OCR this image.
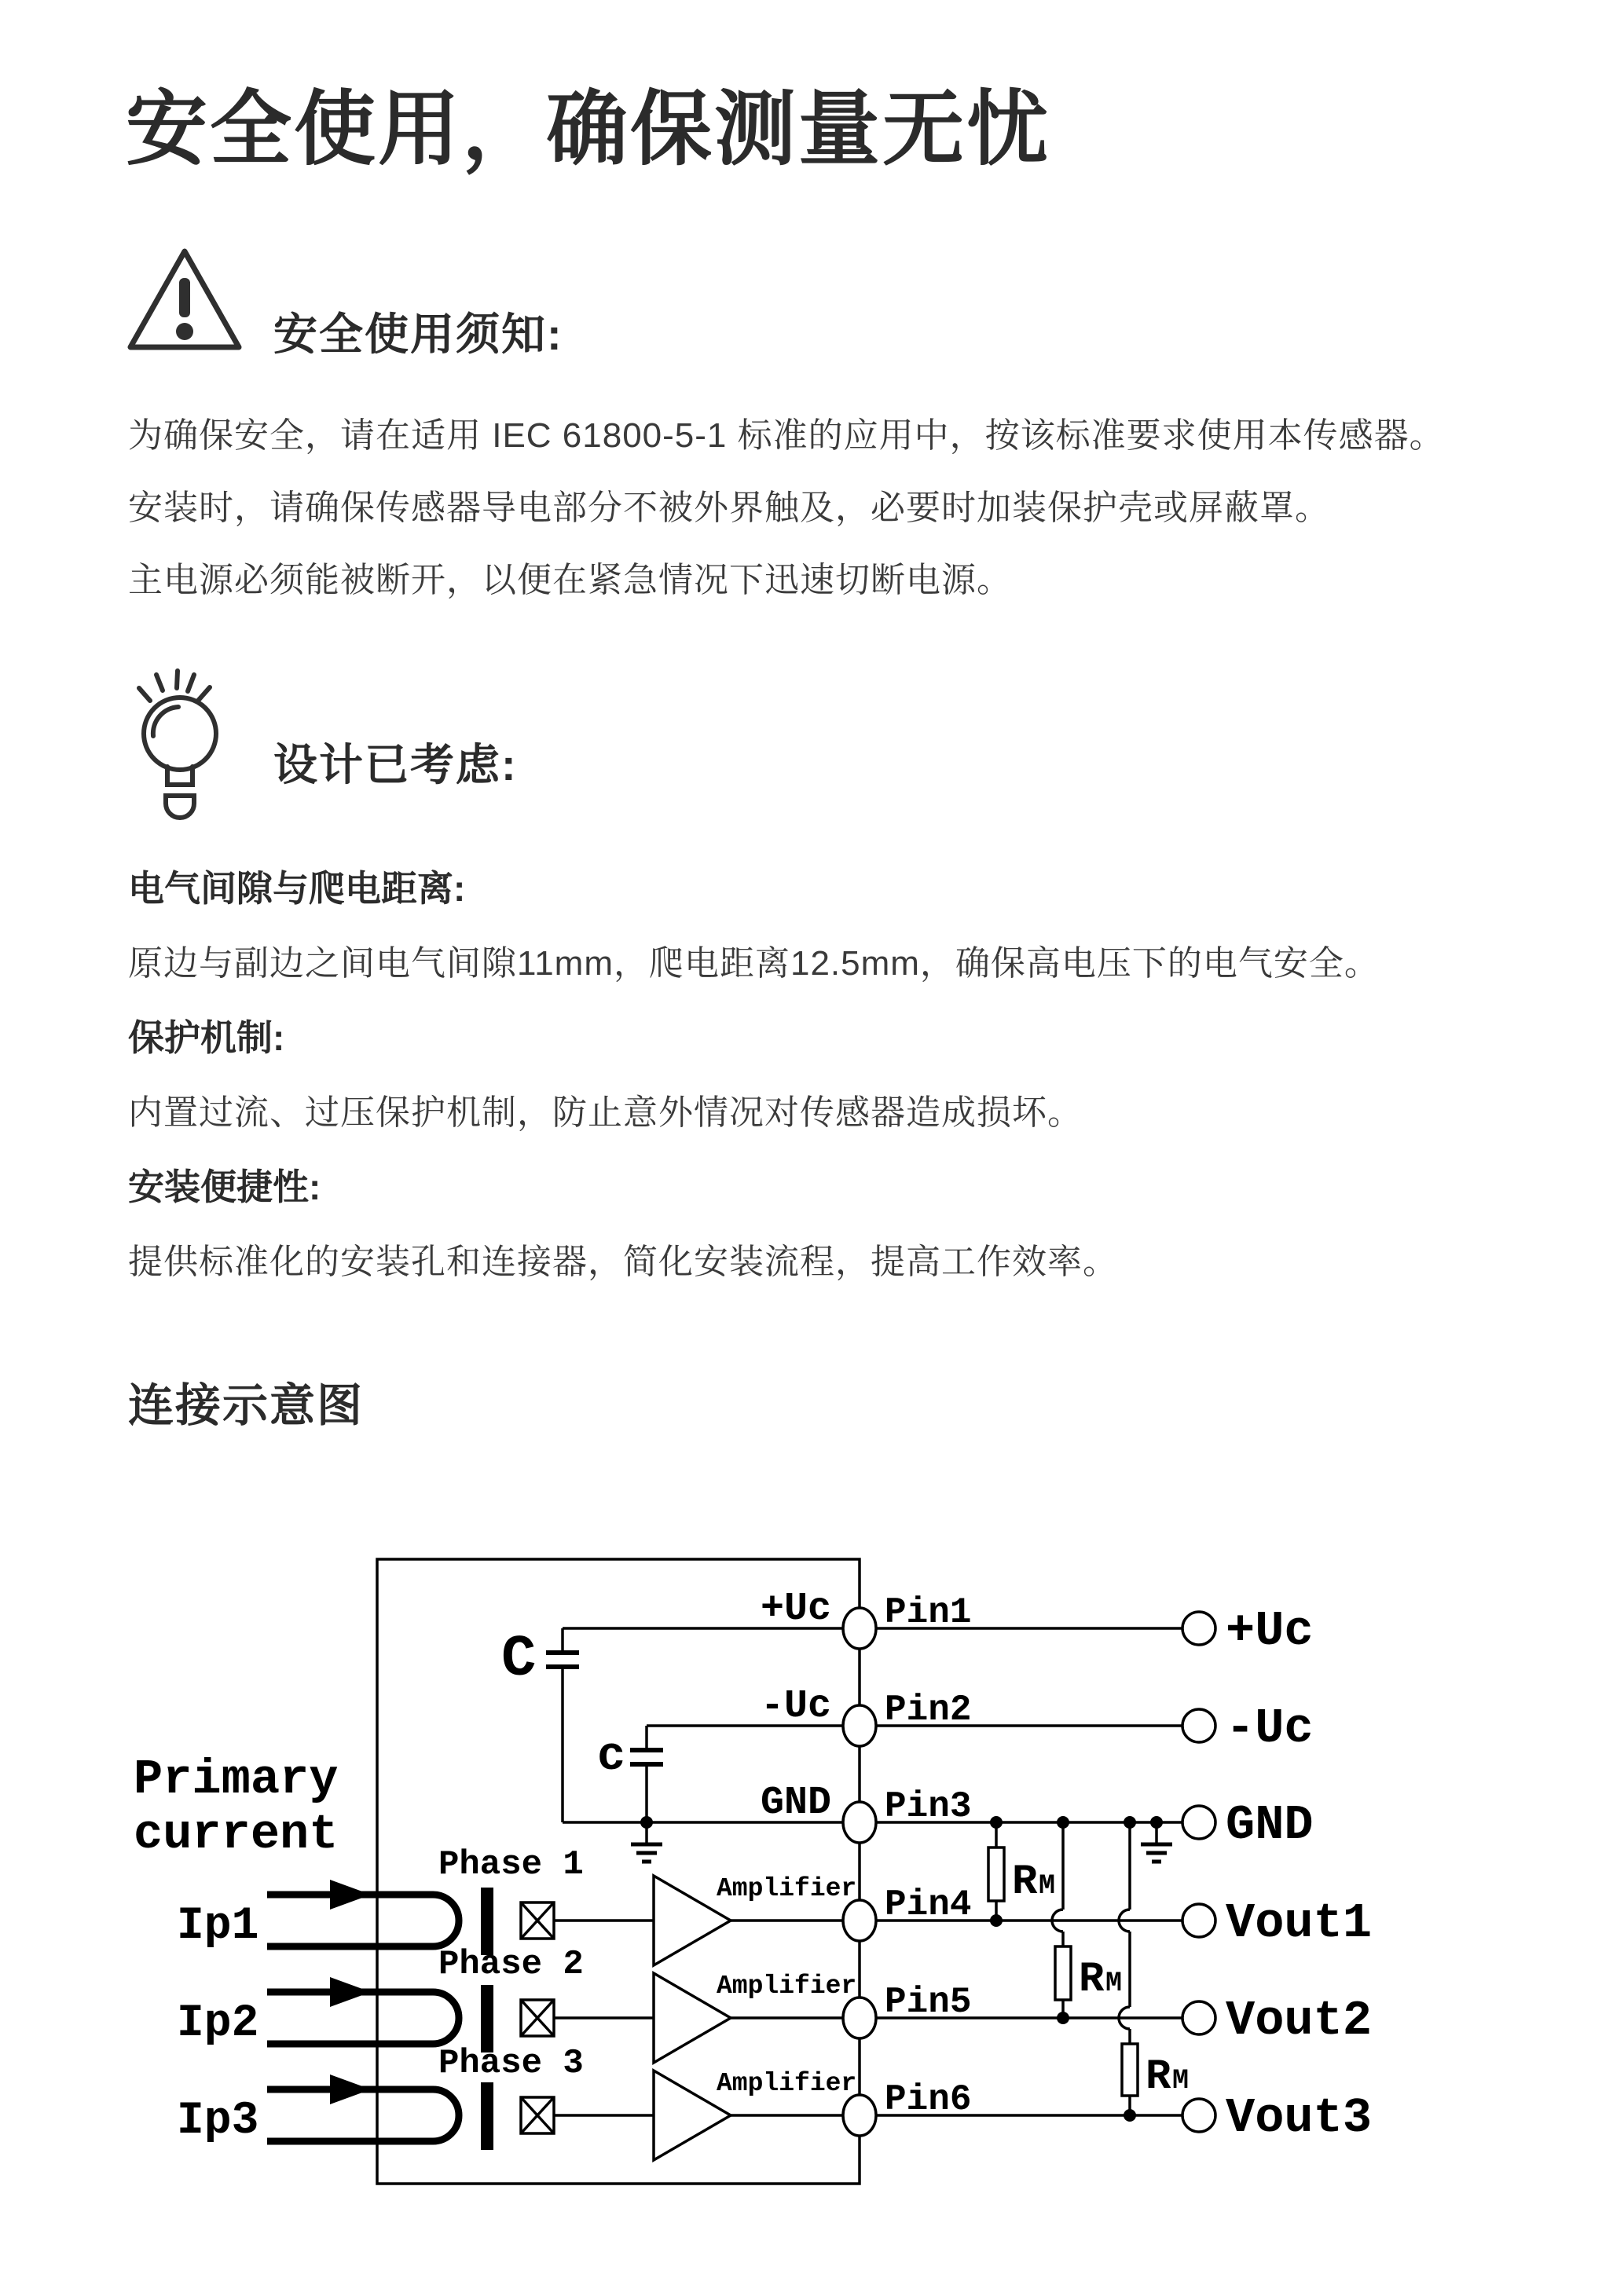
安全使用，确保测量无忧
安全使用须知:
为确保安全，请在适用 IEC 61800-5-1 标准的应用中，按该标准要求使用本传感器。
安装时，请确保传感器导电部分不被外界触及，必要时加装保护壳或屏蔽罩。
主电源必须能被断开，以便在紧急情况下迅速切断电源。
设计已考虑:
电气间隙与爬电距离:
原边与副边之间电气间隙11mm，爬电距离12.5mm，确保高电压下的电气安全。
保护机制:
内置过流、过压保护机制，防止意外情况对传感器造成损坏。
安装便捷性:
提供标准化的安装孔和连接器，简化安装流程，提高工作效率。
连接示意图
Primary
current
Ip1
Ip2
Ip3
Phase 1
Phase 2
Phase 3
Amplifier
Amplifier
Amplifier
+Uc
-Uc
GND
Pin1
Pin2
Pin3
Pin4
Pin5
Pin6
C
c
R M
R M
R M
+Uc
-Uc
GND
Vout1
Vout2
Vout3
